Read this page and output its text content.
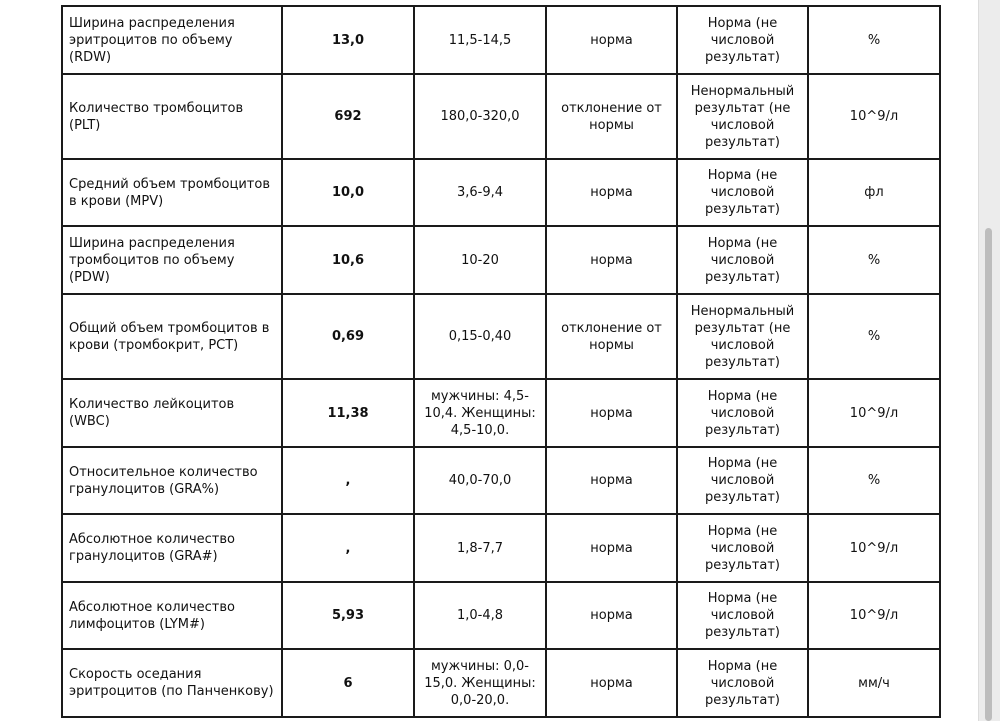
Ширина распределения эритроцитов по объему (RDW)	13,0	11,5-14,5	норма	Норма (не числовой результат)	%
Количество тромбоцитов (PLT)	692	180,0-320,0	отклонение от нормы	Ненормальный результат (не числовой результат)	10^9/л
Средний объем тромбоцитов в крови (MPV)	10,0	3,6-9,4	норма	Норма (не числовой результат)	фл
Ширина распределения тромбоцитов по объему (PDW)	10,6	10-20	норма	Норма (не числовой результат)	%
Общий объем тромбоцитов в крови (тромбокрит, PCT)	0,69	0,15-0,40	отклонение от нормы	Ненормальный результат (не числовой результат)	%
Количество лейкоцитов (WBC)	11,38	мужчины: 4,5-10,4. Женщины: 4,5-10,0.	норма	Норма (не числовой результат)	10^9/л
Относительное количество гранулоцитов (GRA%)	,	40,0-70,0	норма	Норма (не числовой результат)	%
Абсолютное количество гранулоцитов (GRA#)	,	1,8-7,7	норма	Норма (не числовой результат)	10^9/л
Абсолютное количество лимфоцитов (LYM#)	5,93	1,0-4,8	норма	Норма (не числовой результат)	10^9/л
Скорость оседания эритроцитов (по Панченкову)	6	мужчины: 0,0-15,0. Женщины: 0,0-20,0.	норма	Норма (не числовой результат)	мм/ч
